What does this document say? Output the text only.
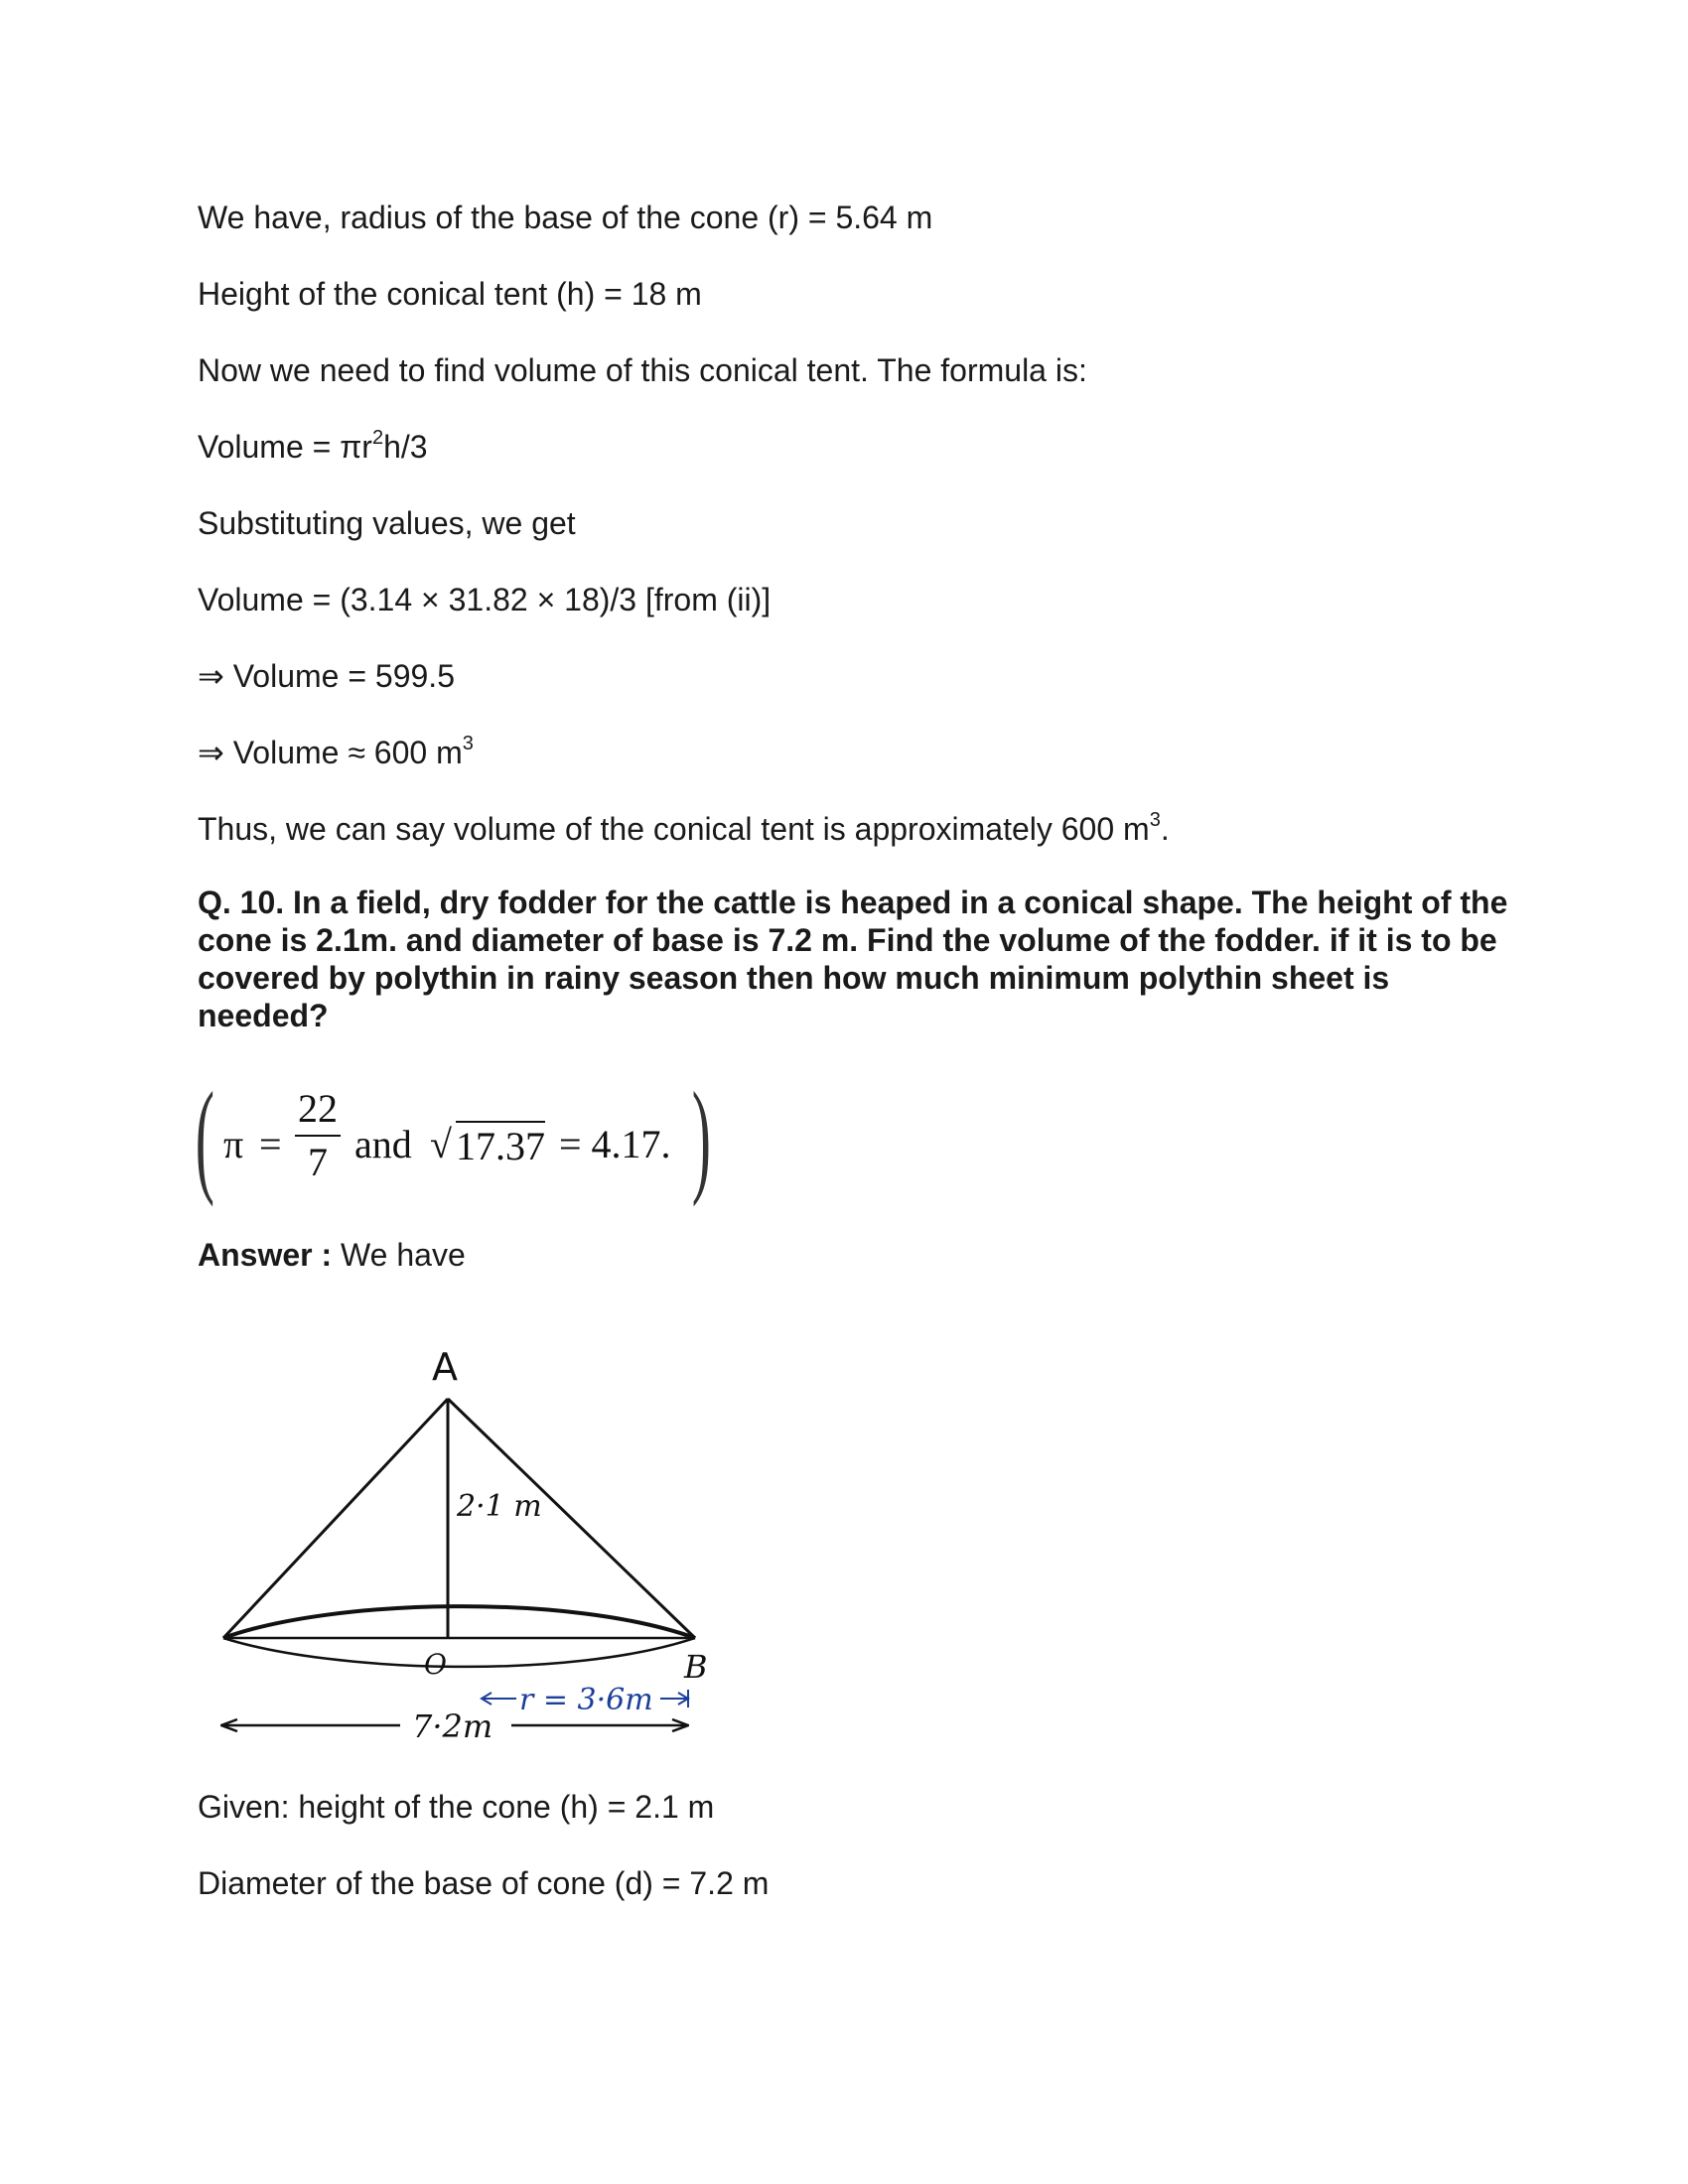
We have, radius of the base of the cone (r) = 5.64 m
Height of the conical tent (h) = 18 m
Now we need to find volume of this conical tent. The formula is:
Volume = $\pi r^2h/3$
Substituting values, we get
Volume = (3.14 × 31.82 × 18)/3 [from (ii)]
⇒ Volume = 599.5
⇒ Volume ≈ 600 $m^3$
Thus, we can say volume of the conical tent is approximately 600 $m^3$.
Q. 10. In a field, dry fodder for the cattle is heaped in a conical shape. The height of the cone is 2.1m. and diameter of base is 7.2 m. Find the volume of the fodder. if it is to be covered by polythin in rainy season then how much minimum polythin sheet is needed?
( π =
22
7 and √ 17.37 = 4.17. )
Answer : We have
A
2·1 m
O	B
r = 3·6m
7·2m
Given: height of the cone (h) = 2.1 m
Diameter of the base of cone (d) = 7.2 m
